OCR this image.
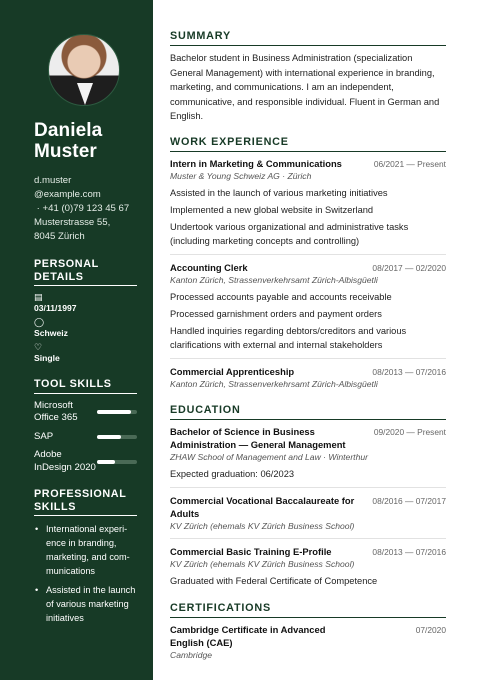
Daniela
Muster
d.muster
@example.com
· +41 (0)79 123 45 67
Musterstrasse 55,
8045 Zürich
PERSONAL DETAILS
▤
03/11/1997
◯
Schweiz
♡
Single
TOOL SKILLS
Microsoft Office 365
SAP
Adobe InDesign 2020
PROFESSIONAL SKILLS
• International experi- ence in branding, marketing, and com- munications
• Assisted in the launch of various marketing initiatives
SUMMARY

Bachelor student in Business Administration (specialization General Management) with international experience in branding, marketing, and communications. I am an independent, communicative, and responsible individual. Fluent in German and English.

WORK EXPERIENCE
Intern in Marketing & Communications	06/2021 — Present
Muster & Young Schweiz AG · Zürich
Assisted in the launch of various marketing initiatives
Implemented a new global website in Switzerland
Undertook various organizational and administrative tasks (including marketing concepts and controlling)
Accounting Clerk	08/2017 — 02/2020
Kanton Zürich, Strassenverkehrsamt Zürich-Albisgüetli
Processed accounts payable and accounts receivable
Processed garnishment orders and payment orders
Handled inquiries regarding debtors/creditors and various clarifications with external and internal stakeholders
Commercial Apprenticeship	08/2013 — 07/2016
Kanton Zürich, Strassenverkehrsamt Zürich-Albisgüetli
EDUCATION
Bachelor of Science in Business Administration — General Management
09/2020 — Present
ZHAW School of Management and Law · Winterthur
Expected graduation: 06/2023
Commercial Vocational Baccalaureate for Adults
08/2016 — 07/2017
KV Zürich (ehemals KV Zürich Business School)
Commercial Basic Training E-Profile	08/2013 — 07/2016
KV Zürich (ehemals KV Zürich Business School)
Graduated with Federal Certificate of Competence
CERTIFICATIONS
Cambridge Certificate in Advanced English (CAE)
07/2020
Cambridge
